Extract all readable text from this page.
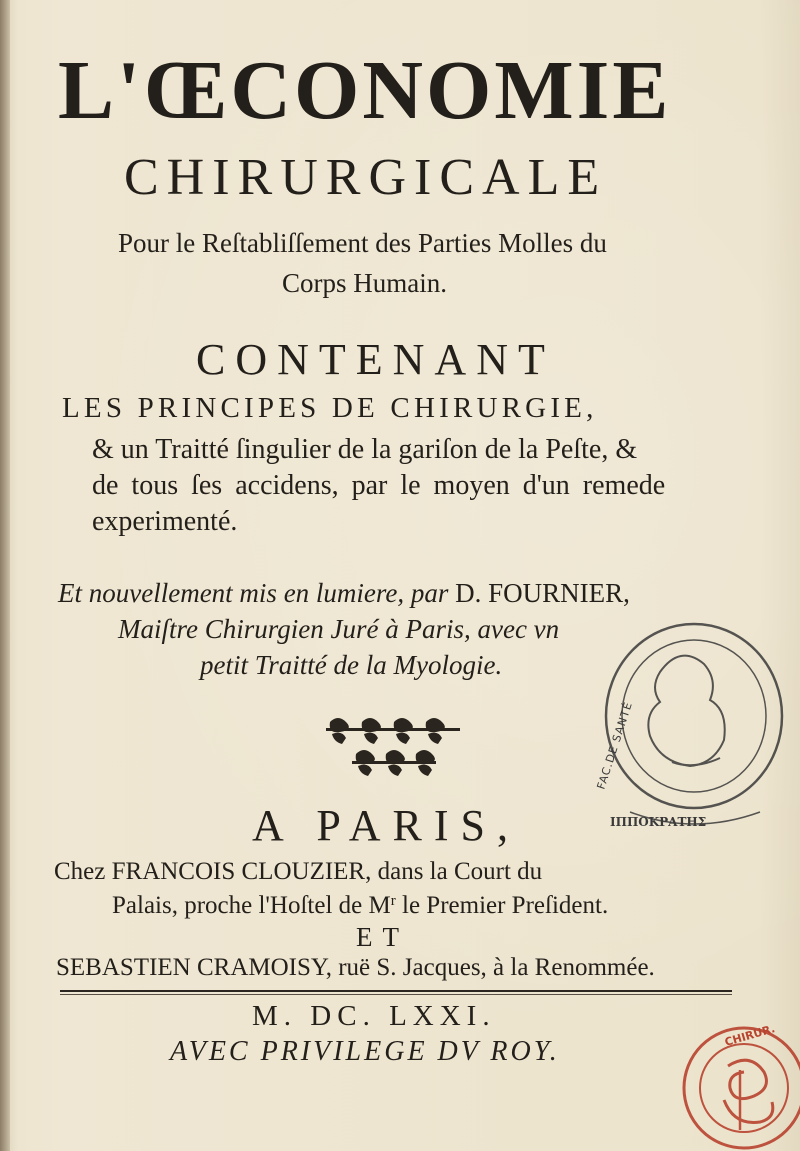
L'ŒCONOMIE
CHIRURGICALE
Pour le Reſtabliſſement des Parties Molles du
Corps Humain.
CONTENANT
LES PRINCIPES DE CHIRURGIE,
& un Traitté ſingulier de la gariſon de la Peſte, &
de tous ſes accidens, par le moyen d'un remede
experimenté.
Et nouvellement mis en lumiere, par D. FOURNIER,
Maiſtre Chirurgien Juré à Paris, avec vn
petit Traitté de la Myologie.
A PARIS,
Chez FRANCOIS CLOUZIER, dans la Court du
Palais, proche l'Hoſtel de $M^r$ le Premier Preſident.
ET
SEBASTIEN CRAMOISY, ruë S. Jacques, à la Renommée.
M. DC. LXXI.
AVEC PRIVILEGE DV ROY.
FAC.DE SANTÉ
ΙΠΠΟΚΡΑΤΗΣ
CHIRUR.
